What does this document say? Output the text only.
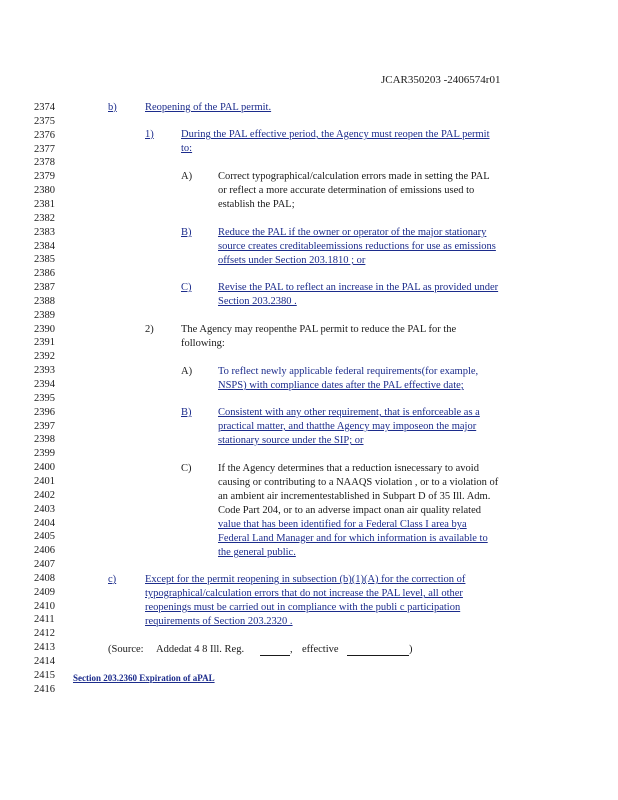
JCAR350203 -2406574r01
2374
2375
2376
2377
2378
2379
2380
2381
2382
2383
2384
2385
2386
2387
2388
2389
2390
2391
2392
2393
2394
2395
2396
2397
2398
2399
2400
2401
2402
2403
2404
2405
2406
2407
2408
2409
2410
2411
2412
2413
2414
2415
2416
b)	Reopening of the PAL permit.
1)	During the PAL effective period, the Agency must reopen the PAL permit
to:
A) Correct typographical/calculation errors made in setting the PAL
or reflect a more accurate determination of emissions used to
establish the PAL;
B)	Reduce the PAL if the owner or operator of the major stationary
source creates creditableemissions reductions for use as emissions
offsets under Section 203.1810 ; or
C)	Revise the PAL to reflect an increase in the PAL as provided under
Section 203.2380 .
2)	The Agency may reopenthe PAL permit to reduce the PAL for the
following:
A) To reflect newly applicable federal requirements(for example,
NSPS) with compliance dates after the PAL effective date;
B)	Consistent with any other requirement, that is enforceable as a
practical matter, and thatthe Agency may imposeon the major
stationary source under the SIP; or
C)	If the Agency determines that a reduction isnecessary to avoid
causing or contributing to a NAAQS violation , or to a violation of
an ambient air incrementestablished in Subpart D of 35 Ill. Adm.
Code Part 204, or to an adverse impact onan air quality related
value that has been identified for a Federal Class I area bya
Federal Land Manager and for which information is available to
the general public.
c)	Except for the permit reopening in subsection (b)(1)(A) for the correction of
typographical/calculation errors that do not increase the PAL level, all other
reopenings must be carried out in compliance with the publi c participation
requirements of Section 203.2320 .
(Source: Addedat 4 8 Ill. Reg.	, effective	)
Section 203.2360 Expiration of aPAL
